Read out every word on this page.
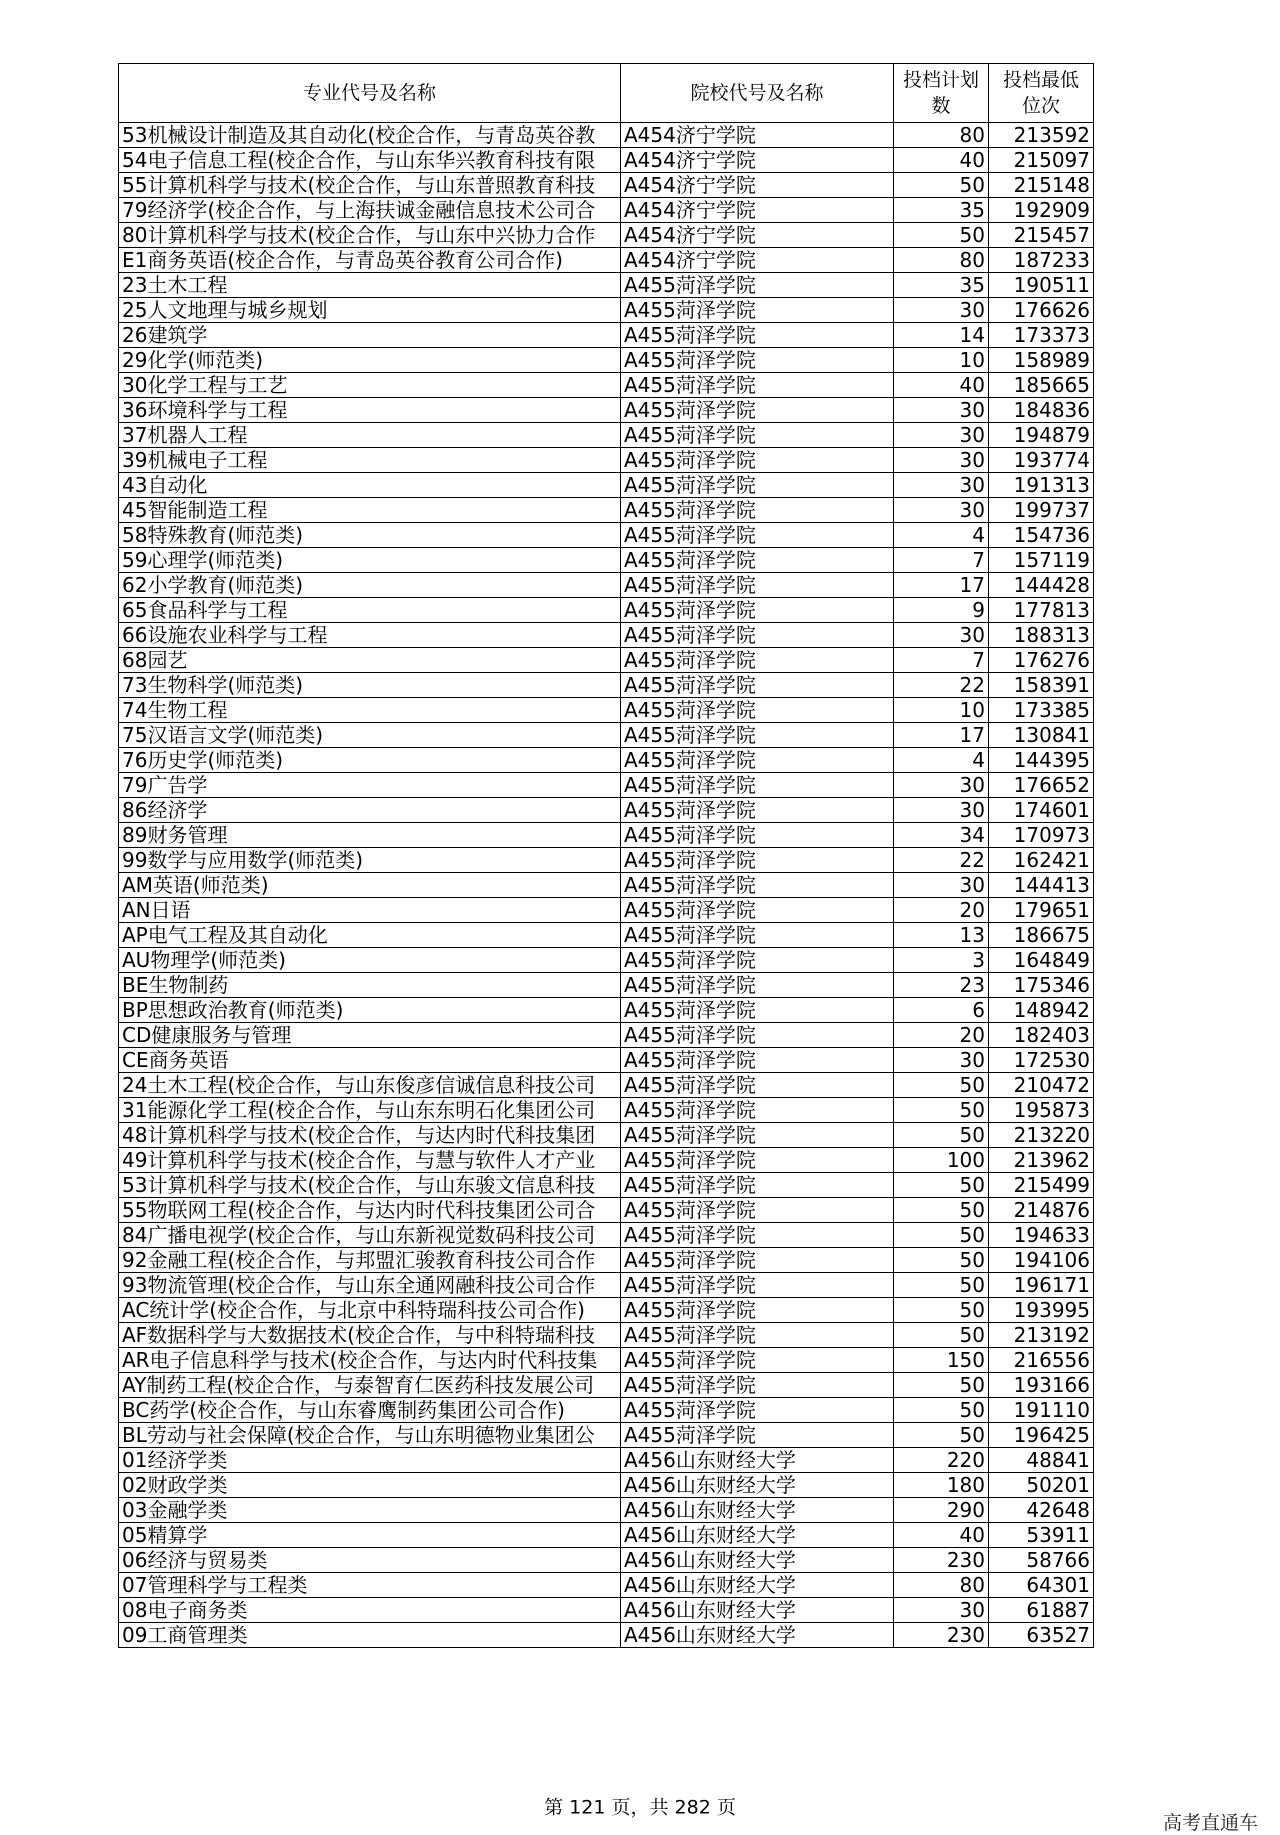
专业代号及名称	院校代号及名称	投档计划数	投档最低位次

53机械设计制造及其自动化(校企合作，与青岛英谷教	A454济宁学院	80	213592
54电子信息工程(校企合作，与山东华兴教育科技有限	A454济宁学院	40	215097
55计算机科学与技术(校企合作，与山东普照教育科技	A454济宁学院	50	215148
79经济学(校企合作，与上海扶诚金融信息技术公司合	A454济宁学院	35	192909
80计算机科学与技术(校企合作，与山东中兴协力合作	A454济宁学院	50	215457
E1商务英语(校企合作，与青岛英谷教育公司合作)	A454济宁学院	80	187233
23土木工程	A455菏泽学院	35	190511
25人文地理与城乡规划	A455菏泽学院	30	176626
26建筑学	A455菏泽学院	14	173373
29化学(师范类)	A455菏泽学院	10	158989
30化学工程与工艺	A455菏泽学院	40	185665
36环境科学与工程	A455菏泽学院	30	184836
37机器人工程	A455菏泽学院	30	194879
39机械电子工程	A455菏泽学院	30	193774
43自动化	A455菏泽学院	30	191313
45智能制造工程	A455菏泽学院	30	199737
58特殊教育(师范类)	A455菏泽学院	4	154736
59心理学(师范类)	A455菏泽学院	7	157119
62小学教育(师范类)	A455菏泽学院	17	144428
65食品科学与工程	A455菏泽学院	9	177813
66设施农业科学与工程	A455菏泽学院	30	188313
68园艺	A455菏泽学院	7	176276
73生物科学(师范类)	A455菏泽学院	22	158391
74生物工程	A455菏泽学院	10	173385
75汉语言文学(师范类)	A455菏泽学院	17	130841
76历史学(师范类)	A455菏泽学院	4	144395
79广告学	A455菏泽学院	30	176652
86经济学	A455菏泽学院	30	174601
89财务管理	A455菏泽学院	34	170973
99数学与应用数学(师范类)	A455菏泽学院	22	162421
AM英语(师范类)	A455菏泽学院	30	144413
AN日语	A455菏泽学院	20	179651
AP电气工程及其自动化	A455菏泽学院	13	186675
AU物理学(师范类)	A455菏泽学院	3	164849
BE生物制药	A455菏泽学院	23	175346
BP思想政治教育(师范类)	A455菏泽学院	6	148942
CD健康服务与管理	A455菏泽学院	20	182403
CE商务英语	A455菏泽学院	30	172530
24土木工程(校企合作，与山东俊彦信诚信息科技公司	A455菏泽学院	50	210472
31能源化学工程(校企合作，与山东东明石化集团公司	A455菏泽学院	50	195873
48计算机科学与技术(校企合作，与达内时代科技集团	A455菏泽学院	50	213220
49计算机科学与技术(校企合作，与慧与软件人才产业	A455菏泽学院	100	213962
53计算机科学与技术(校企合作，与山东骏文信息科技	A455菏泽学院	50	215499
55物联网工程(校企合作，与达内时代科技集团公司合	A455菏泽学院	50	214876
84广播电视学(校企合作，与山东新视觉数码科技公司	A455菏泽学院	50	194633
92金融工程(校企合作，与邦盟汇骏教育科技公司合作	A455菏泽学院	50	194106
93物流管理(校企合作，与山东全通网融科技公司合作	A455菏泽学院	50	196171
AC统计学(校企合作，与北京中科特瑞科技公司合作)	A455菏泽学院	50	193995
AF数据科学与大数据技术(校企合作，与中科特瑞科技	A455菏泽学院	50	213192
AR电子信息科学与技术(校企合作，与达内时代科技集	A455菏泽学院	150	216556
AY制药工程(校企合作，与泰智育仁医药科技发展公司	A455菏泽学院	50	193166
BC药学(校企合作，与山东睿鹰制药集团公司合作)	A455菏泽学院	50	191110
BL劳动与社会保障(校企合作，与山东明德物业集团公	A455菏泽学院	50	196425
01经济学类	A456山东财经大学	220	48841
02财政学类	A456山东财经大学	180	50201
03金融学类	A456山东财经大学	290	42648
05精算学	A456山东财经大学	40	53911
06经济与贸易类	A456山东财经大学	230	58766
07管理科学与工程类	A456山东财经大学	80	64301
08电子商务类	A456山东财经大学	30	61887
09工商管理类	A456山东财经大学	230	63527
第 121 页，共 282 页
高考直通车
